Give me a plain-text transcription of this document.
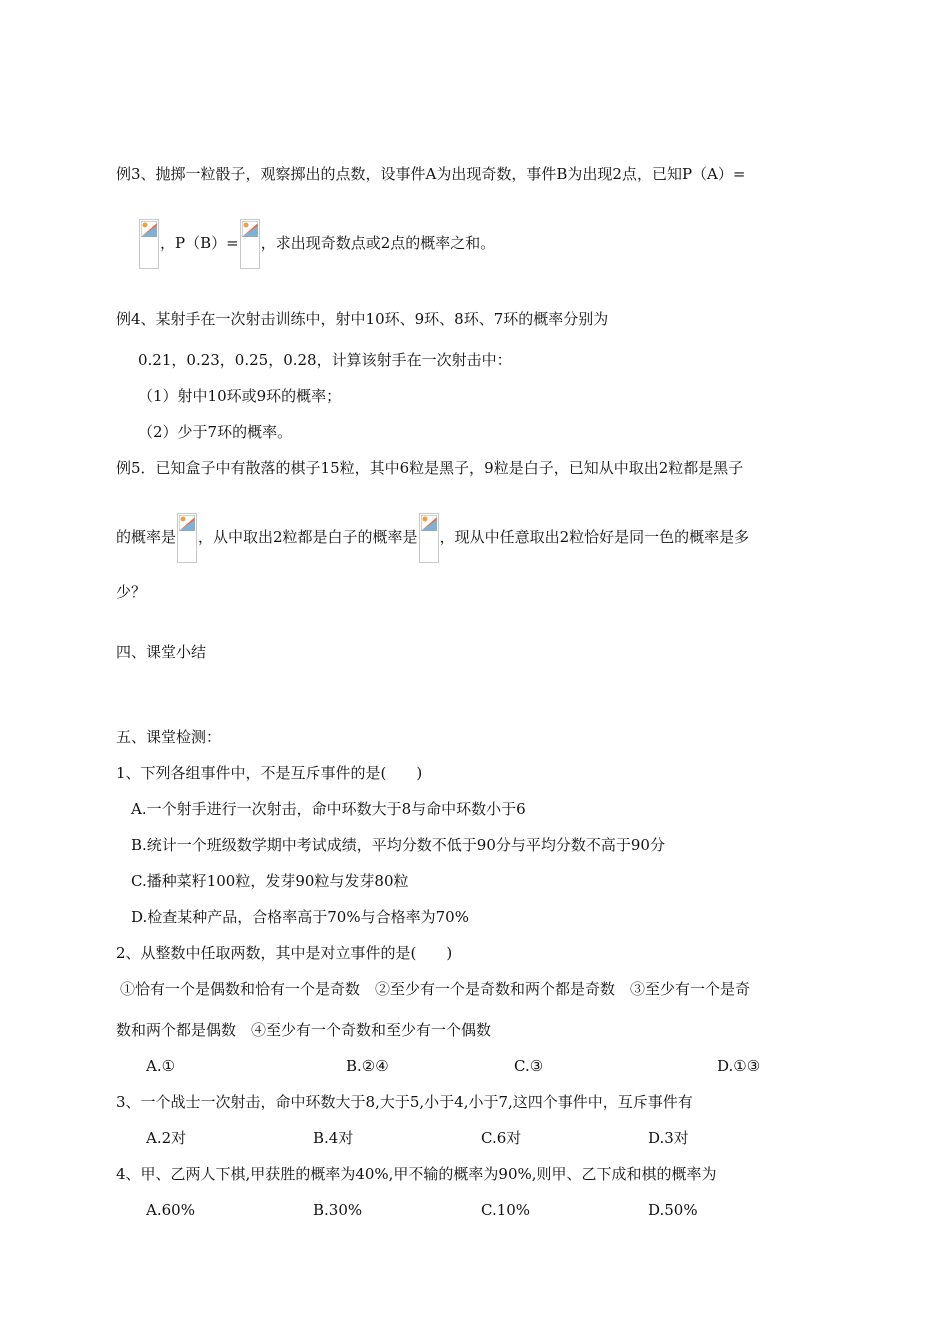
例3、抛掷一粒骰子，观察掷出的点数，设事件A为出现奇数，事件B为出现2点，已知P（A）=
，P（B）= ，求出现奇数点或2点的概率之和。
例4、某射手在一次射击训练中，射中10环、9环、8环、7环的概率分别为
0.21，0.23，0.25，0.28，计算该射手在一次射击中：
（1）射中10环或9环的概率；
（2）少于7环的概率。
例5．已知盒子中有散落的棋子15粒，其中6粒是黑子，9粒是白子，已知从中取出2粒都是黑子
的概率是 ，从中取出2粒都是白子的概率是 ，现从中任意取出2粒恰好是同一色的概率是多
少？
四、课堂小结
五、课堂检测：
1、下列各组事件中，不是互斥事件的是(　　)
A.一个射手进行一次射击，命中环数大于8与命中环数小于6
B.统计一个班级数学期中考试成绩，平均分数不低于90分与平均分数不高于90分
C.播种菜籽100粒，发芽90粒与发芽80粒
D.检查某种产品，合格率高于70%与合格率为70%
2、从整数中任取两数，其中是对立事件的是(　　)
①恰有一个是偶数和恰有一个是奇数　②至少有一个是奇数和两个都是奇数　③至少有一个是奇
数和两个都是偶数　④至少有一个奇数和至少有一个偶数
A.①	B.②④	C.③	D.①③
3、一个战士一次射击，命中环数大于8,大于5,小于4,小于7,这四个事件中，互斥事件有
A.2对	B.4对	C.6对	D.3对
4、甲、乙两人下棋,甲获胜的概率为40%,甲不输的概率为90%,则甲、乙下成和棋的概率为
A.60%	B.30%	C.10%	D.50%
